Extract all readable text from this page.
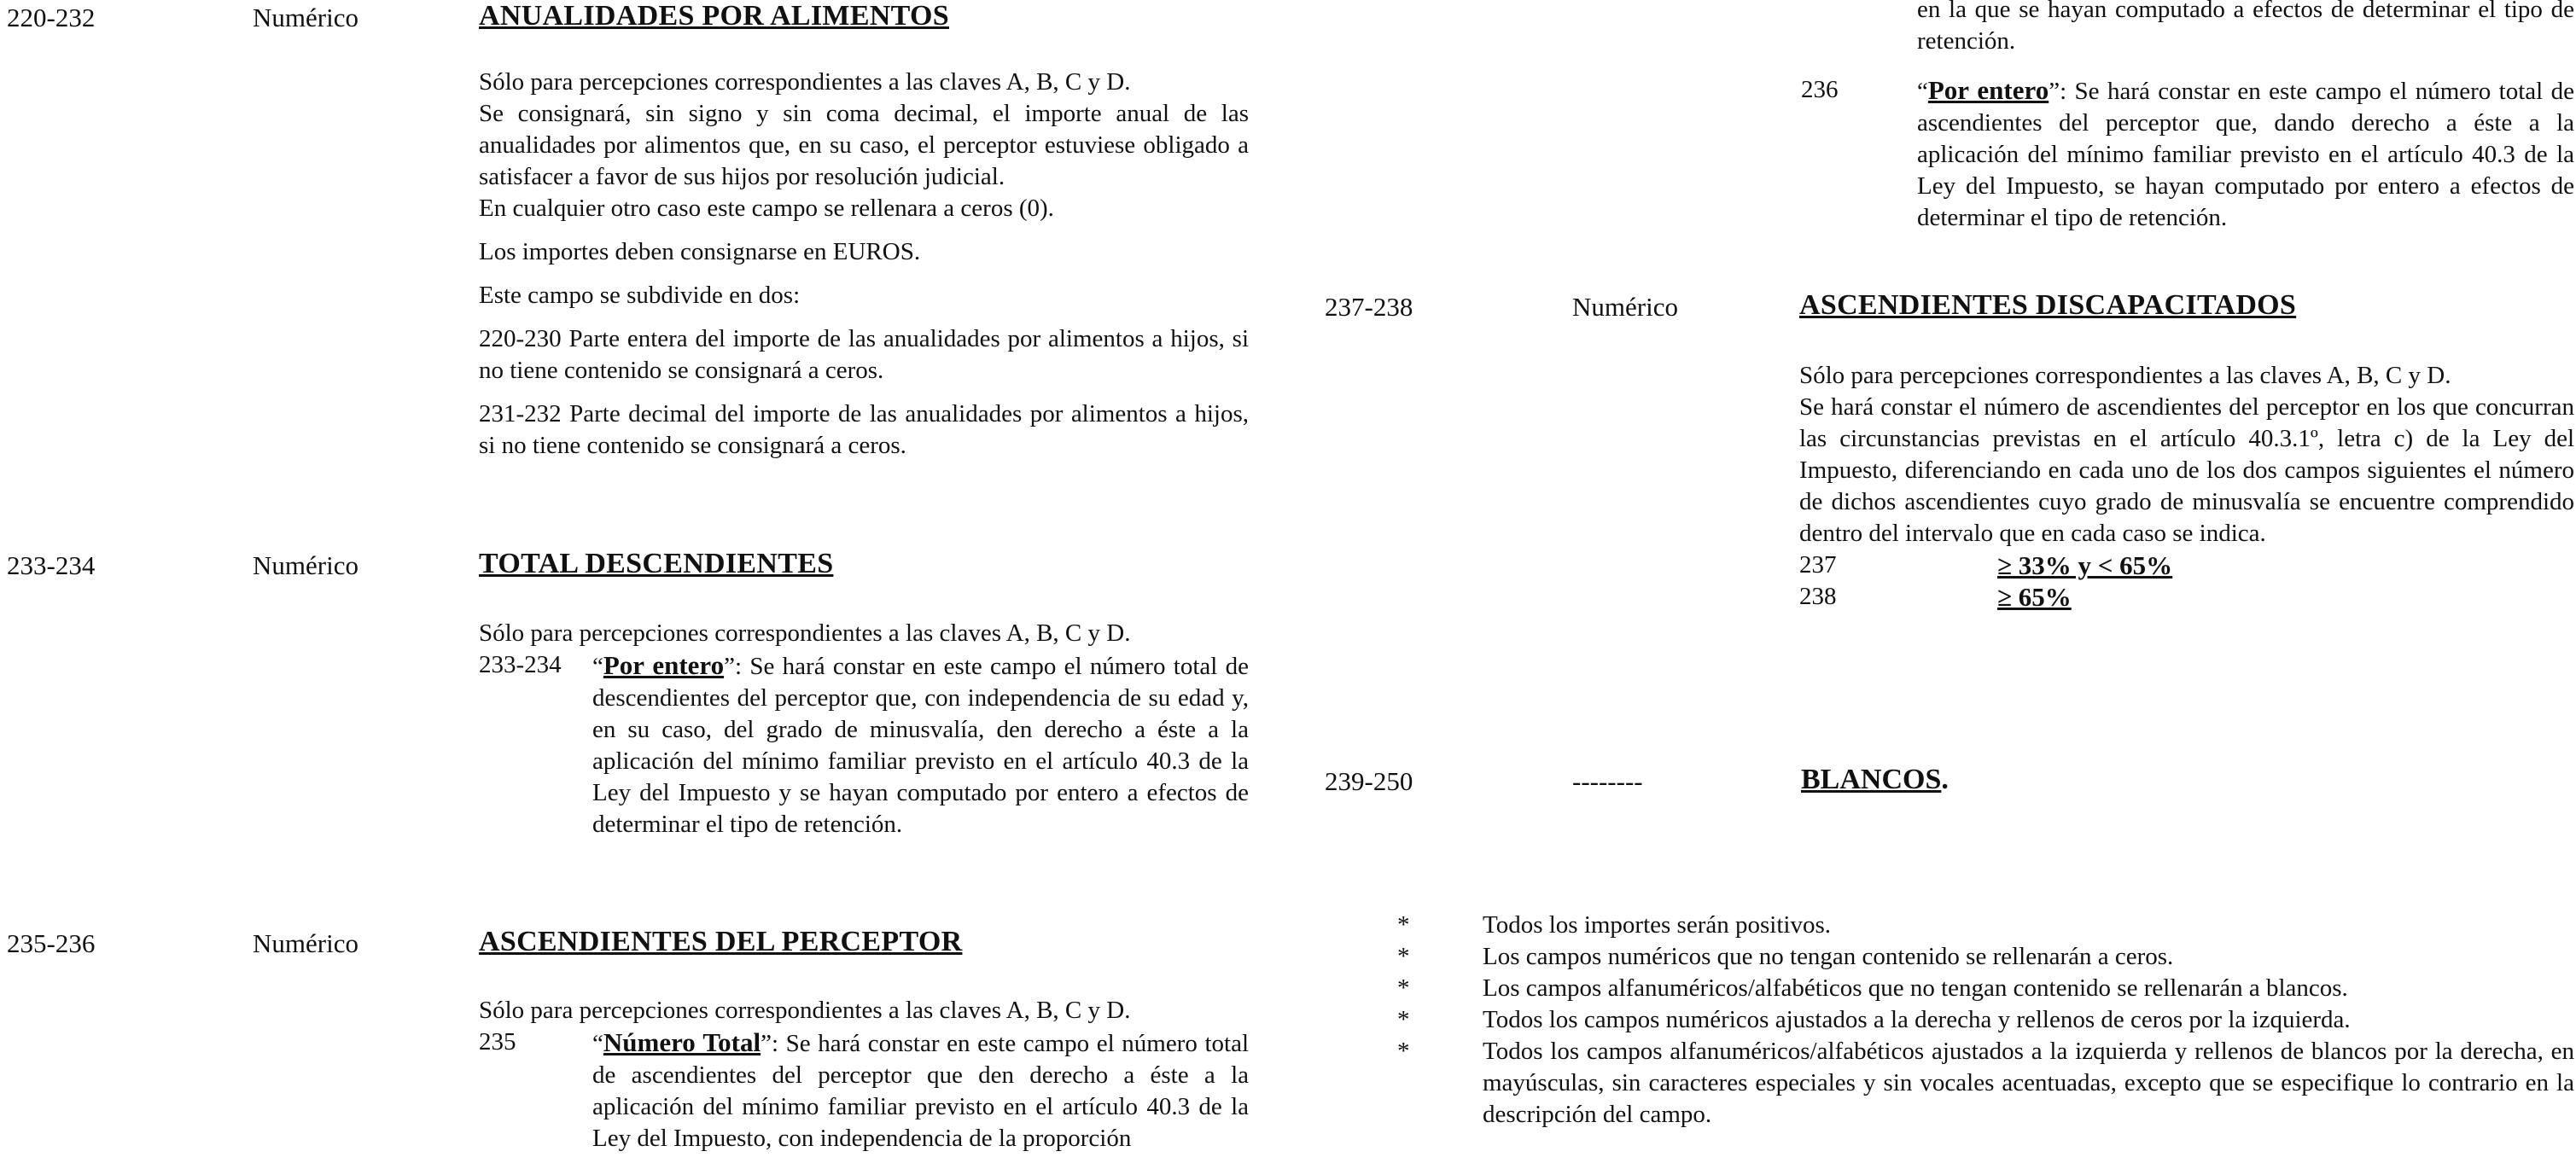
220-232	Numérico	ANUALIDADES POR ALIMENTOS

Sólo para percepciones correspondientes a las claves A, B, C y D.

Se consignará, sin signo y sin coma decimal, el importe anual de las anualidades por alimentos que, en su caso, el perceptor estuviese obligado a satisfacer a favor de sus hijos por resolución judicial.

En cualquier otro caso este campo se rellenara a ceros (0).

Los importes deben consignarse en EUROS.

Este campo se subdivide en dos:

220-230 Parte entera del importe de las anualidades por alimentos a hijos, si no tiene contenido se consignará a ceros.

231-232 Parte decimal del importe de las anualidades por alimentos a hijos, si no tiene contenido se consignará a ceros.

233-234	Numérico	TOTAL DESCENDIENTES

Sólo para percepciones correspondientes a las claves A, B, C y D.

233-234	“Por entero”: Se hará constar en este campo el número total de descendientes del perceptor que, con independencia de su edad y, en su caso, del grado de minusvalía, den derecho a éste a la aplicación del mínimo familiar previsto en el artículo 40.3 de la Ley del Impuesto y se hayan computado por entero a efectos de determinar el tipo de retención.
235-236	Numérico	ASCENDIENTES DEL PERCEPTOR

Sólo para percepciones correspondientes a las claves A, B, C y D.

235	“Número Total”: Se hará constar en este campo el número total de ascendientes del perceptor que den derecho a éste a la aplicación del mínimo familiar previsto en el artículo 40.3 de la Ley del Impuesto, con independencia de la proporción
en la que se hayan computado a efectos de determinar el tipo de retención.
236	“Por entero”: Se hará constar en este campo el número total de ascendientes del perceptor que, dando derecho a éste a la aplicación del mínimo familiar previsto en el artículo 40.3 de la Ley del Impuesto, se hayan computado por entero a efectos de determinar el tipo de retención.
237-238	Numérico	ASCENDIENTES DISCAPACITADOS

Sólo para percepciones correspondientes a las claves A, B, C y D.

Se hará constar el número de ascendientes del perceptor en los que concurran las circunstancias previstas en el artículo 40.3.1º, letra c) de la Ley del Impuesto, diferenciando en cada uno de los dos campos siguientes el número de dichos ascendientes cuyo grado de minusvalía se encuentre comprendido dentro del intervalo que en cada caso se indica.

237	≥ 33% y < 65%
238	≥ 65%
239-250	--------	BLANCOS.
*	Todos los importes serán positivos.
*	Los campos numéricos que no tengan contenido se rellenarán a ceros.
*	Los campos alfanuméricos/alfabéticos que no tengan contenido se rellenarán a blancos.
*	Todos los campos numéricos ajustados a la derecha y rellenos de ceros por la izquierda.
*	Todos los campos alfanuméricos/alfabéticos ajustados a la izquierda y rellenos de blancos por la derecha, en mayúsculas, sin caracteres especiales y sin vocales acentuadas, excepto que se especifique lo contrario en la descripción del campo.
